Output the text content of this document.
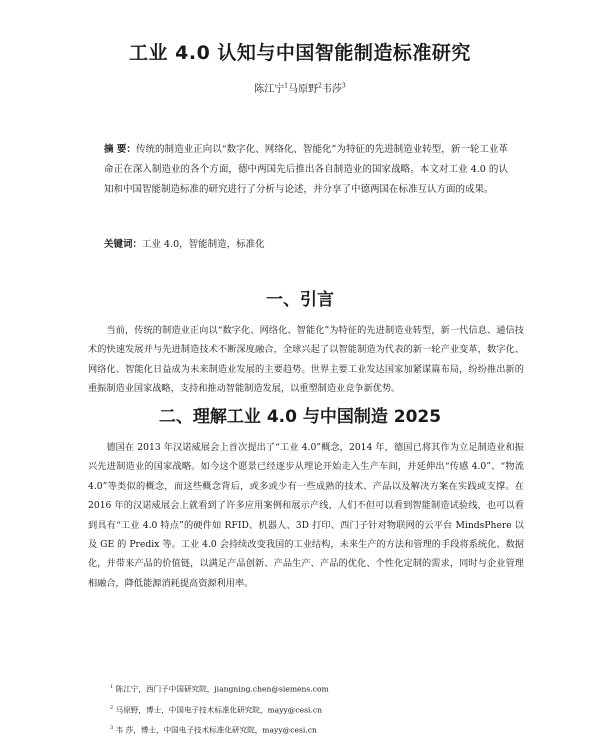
工业 4.0 认知与中国智能制造标准研究
陈江宁$^1$马原野$^2$韦莎$^3$
摘 要：传统的制造业正向以“数字化、网络化、智能化”为特征的先进制造业转型，新一轮工业革命正在深入制造业的各个方面，德中两国先后推出各自制造业的国家战略。本文对工业 4.0 的认知和中国智能制造标准的研究进行了分析与论述，并分享了中德两国在标准互认方面的成果。
关键词：工业 4.0，智能制造，标准化
一、引言

当前，传统的制造业正向以“数字化、网络化、智能化”为特征的先进制造业转型，新一代信息、通信技术的快速发展并与先进制造技术不断深度融合，全球兴起了以智能制造为代表的新一轮产业变革，数字化、网络化、智能化日益成为未来制造业发展的主要趋势。世界主要工业发达国家加紧谋篇布局，纷纷推出新的重振制造业国家战略，支持和推动智能制造发展，以重塑制造业竞争新优势。

二、理解工业 4.0 与中国制造 2025

德国在 2013 年汉诺威展会上首次提出了“工业 4.0”概念，2014 年，德国已将其作为立足制造业和振兴先进制造业的国家战略。如今这个愿景已经逐步从理论开始走入生产车间，并延伸出“传感 4.0”、“物流 4.0”等类似的概念，而这些概念背后，或多或少有一些成熟的技术、产品以及解决方案在实践或支撑。在 2016 年的汉诺威展会上就看到了许多应用案例和展示产线，人们不但可以看到智能制造试验线，也可以看到具有“工业 4.0 特点”的硬件如 RFID、机器人、3D 打印、西门子针对物联网的云平台 MindsPhere 以及 GE 的 Predix 等。工业 4.0 会持续改变我国的工业结构，未来生产的方法和管理的手段将系统化、数据化，并带来产品的价值链，以满足产品创新、产品生产、产品的优化、个性化定制的需求，同时与企业管理相融合，降低能源消耗提高资源利用率。

$^1$ 陈江宁，西门子中国研究院，jiangning.chen@siemens.com
$^2$ 马原野，博士，中国电子技术标准化研究院，mayy@cesi.cn
$^3$ 韦 莎，博士，中国电子技术标准化研究院，mayy@cesi.cn
